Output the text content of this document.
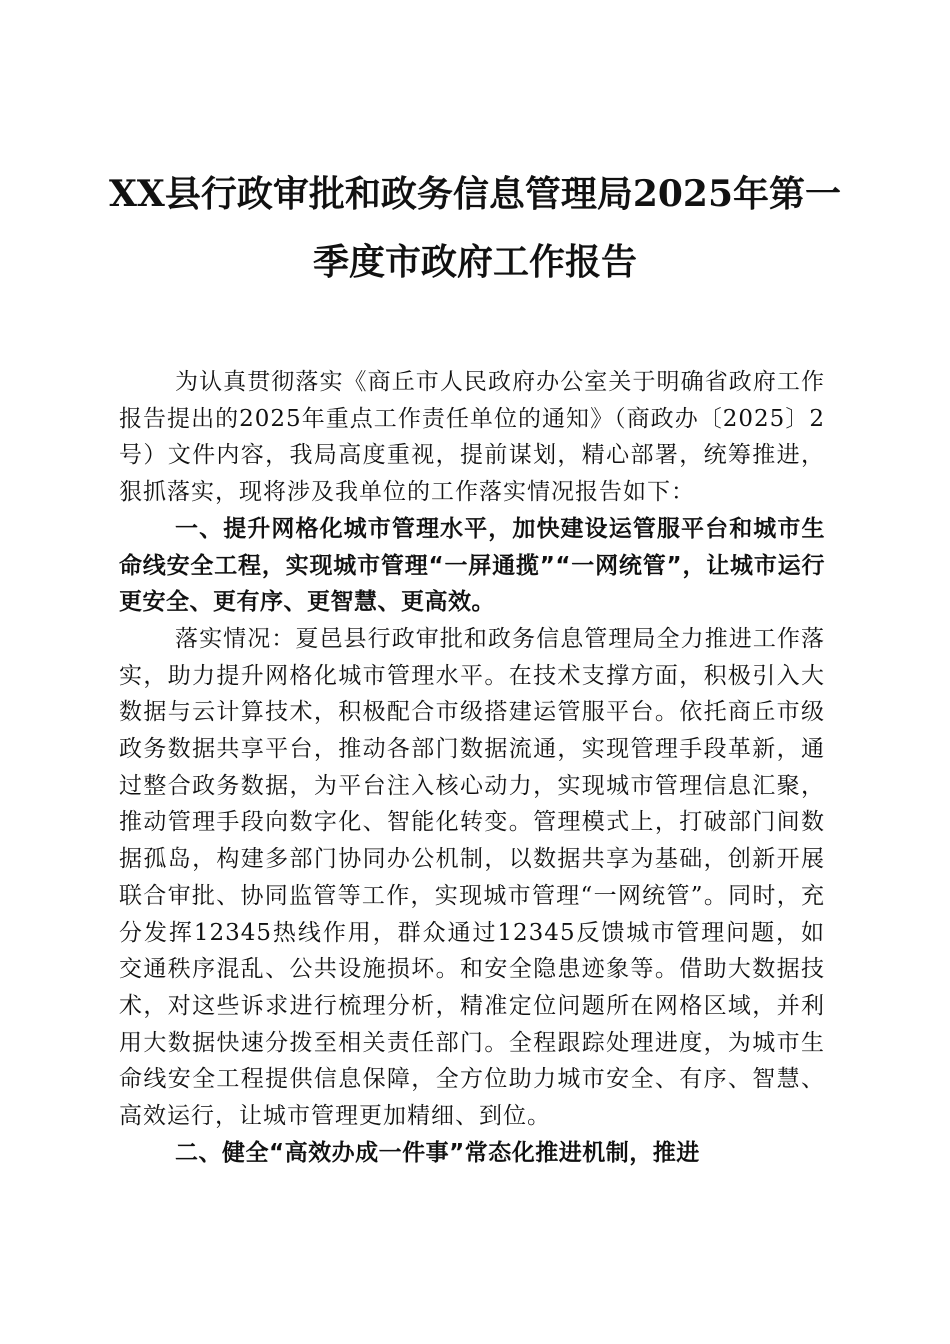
XX县行政审批和政务信息管理局2025年第一
季度市政府工作报告

为认真贯彻落实《商丘市人民政府办公室关于明确省政府工作报告提出的2025年重点工作责任单位的通知》（商政办〔2025〕2号）文件内容，我局高度重视，提前谋划，精心部署，统筹推进，狠抓落实，现将涉及我单位的工作落实情况报告如下：

一、提升网格化城市管理水平，加快建设运管服平台和城市生命线安全工程，实现城市管理“一屏通揽”“一网统管”，让城市运行更安全、更有序、更智慧、更高效。

落实情况：夏邑县行政审批和政务信息管理局全力推进工作落实，助力提升网格化城市管理水平。在技术支撑方面，积极引入大数据与云计算技术，积极配合市级搭建运管服平台。依托商丘市级政务数据共享平台，推动各部门数据流通，实现管理手段革新，通过整合政务数据，为平台注入核心动力，实现城市管理信息汇聚，推动管理手段向数字化、智能化转变。管理模式上，打破部门间数据孤岛，构建多部门协同办公机制，以数据共享为基础，创新开展联合审批、协同监管等工作，实现城市管理“一网统管”。同时，充分发挥12345热线作用，群众通过12345反馈城市管理问题，如交通秩序混乱、公共设施损坏。和安全隐患迹象等。借助大数据技术，对这些诉求进行梳理分析，精准定位问题所在网格区域，并利用大数据快速分拨至相关责任部门。全程跟踪处理进度，为城市生命线安全工程提供信息保障，全方位助力城市安全、有序、智慧、高效运行，让城市管理更加精细、到位。

二、健全“高效办成一件事”常态化推进机制，推进
